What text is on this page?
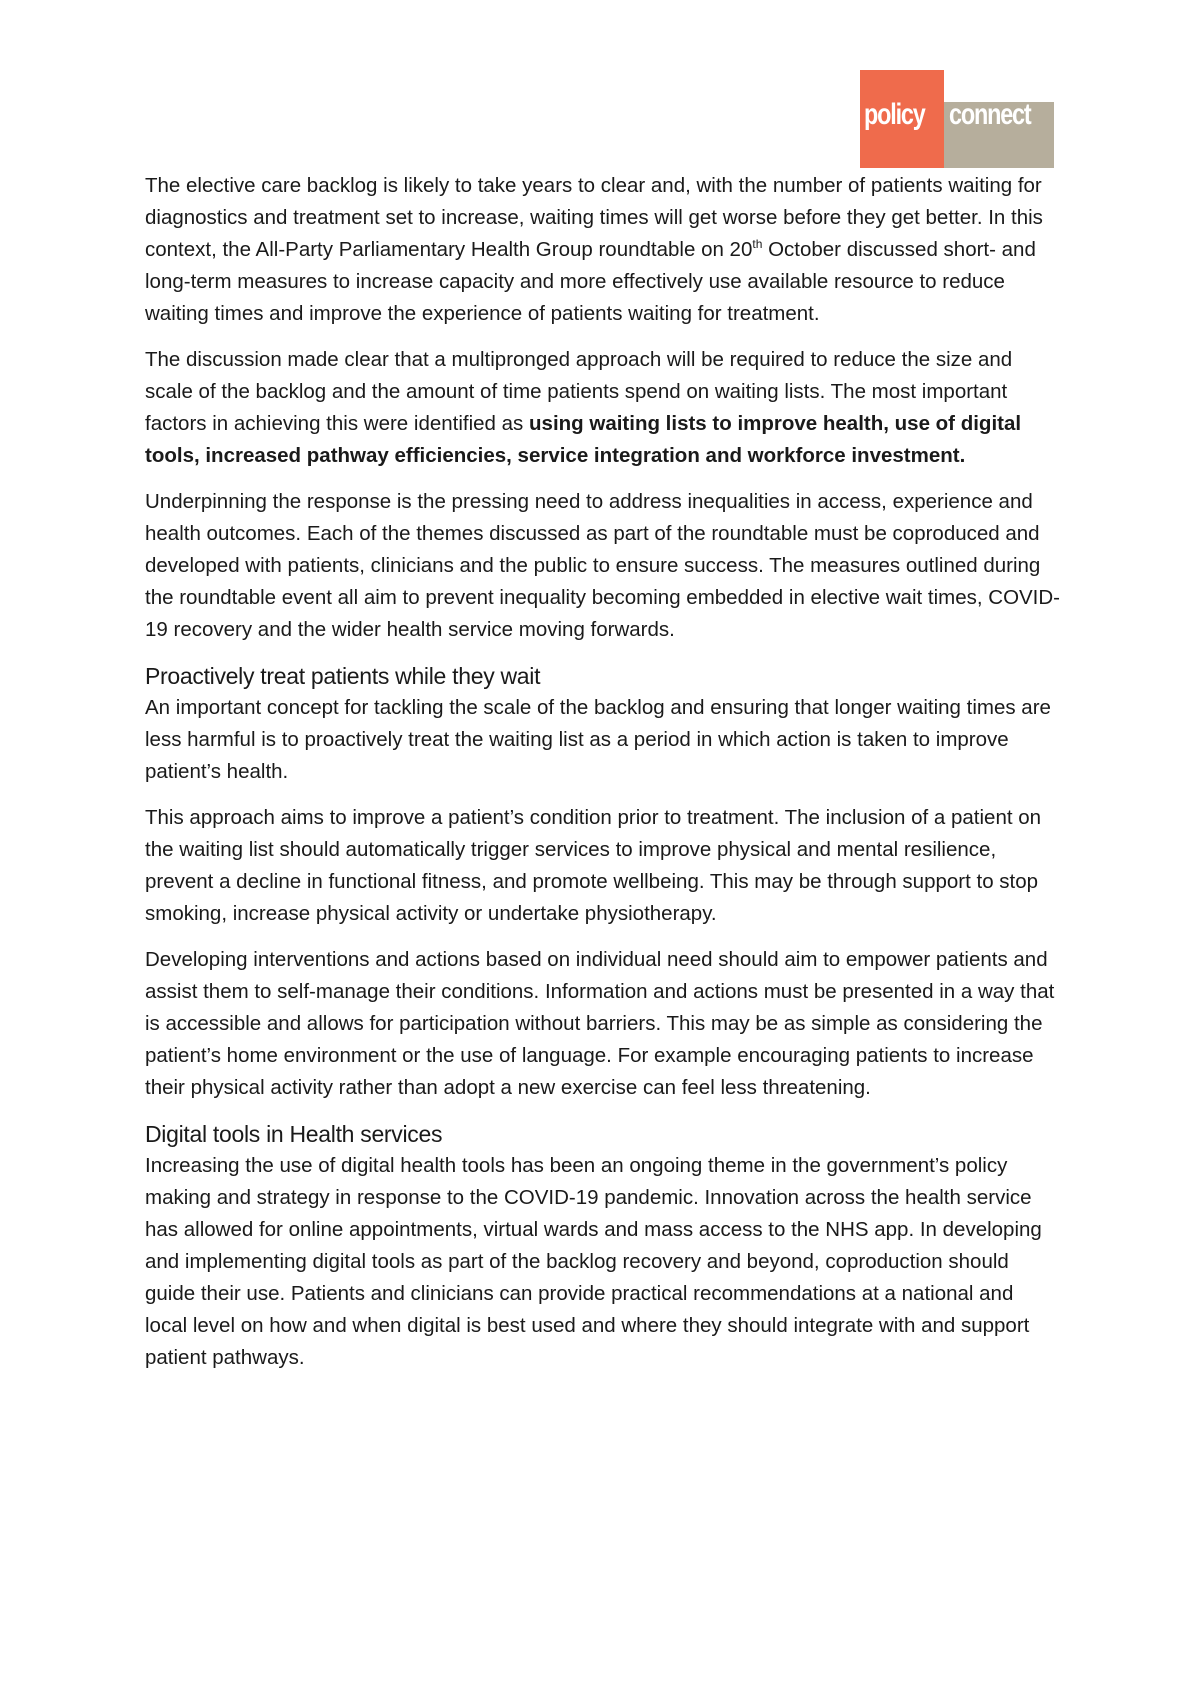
policy connect

The elective care backlog is likely to take years to clear and, with the number of patients waiting for diagnostics and treatment set to increase, waiting times will get worse before they get better. In this context, the All-Party Parliamentary Health Group roundtable on 20th October discussed short- and long-term measures to increase capacity and more effectively use available resource to reduce waiting times and improve the experience of patients waiting for treatment.

The discussion made clear that a multipronged approach will be required to reduce the size and scale of the backlog and the amount of time patients spend on waiting lists. The most important factors in achieving this were identified as using waiting lists to improve health, use of digital tools, increased pathway efficiencies, service integration and workforce investment.

Underpinning the response is the pressing need to address inequalities in access, experience and health outcomes. Each of the themes discussed as part of the roundtable must be coproduced and developed with patients, clinicians and the public to ensure success. The measures outlined during the roundtable event all aim to prevent inequality becoming embedded in elective wait times, COVID-19 recovery and the wider health service moving forwards.

Proactively treat patients while they wait

An important concept for tackling the scale of the backlog and ensuring that longer waiting times are less harmful is to proactively treat the waiting list as a period in which action is taken to improve patient’s health.

This approach aims to improve a patient’s condition prior to treatment. The inclusion of a patient on the waiting list should automatically trigger services to improve physical and mental resilience, prevent a decline in functional fitness, and promote wellbeing. This may be through support to stop smoking, increase physical activity or undertake physiotherapy.

Developing interventions and actions based on individual need should aim to empower patients and assist them to self-manage their conditions. Information and actions must be presented in a way that is accessible and allows for participation without barriers. This may be as simple as considering the patient’s home environment or the use of language. For example encouraging patients to increase their physical activity rather than adopt a new exercise can feel less threatening.

Digital tools in Health services

Increasing the use of digital health tools has been an ongoing theme in the government’s policy making and strategy in response to the COVID-19 pandemic. Innovation across the health service has allowed for online appointments, virtual wards and mass access to the NHS app. In developing and implementing digital tools as part of the backlog recovery and beyond, coproduction should guide their use. Patients and clinicians can provide practical recommendations at a national and local level on how and when digital is best used and where they should integrate with and support patient pathways.
